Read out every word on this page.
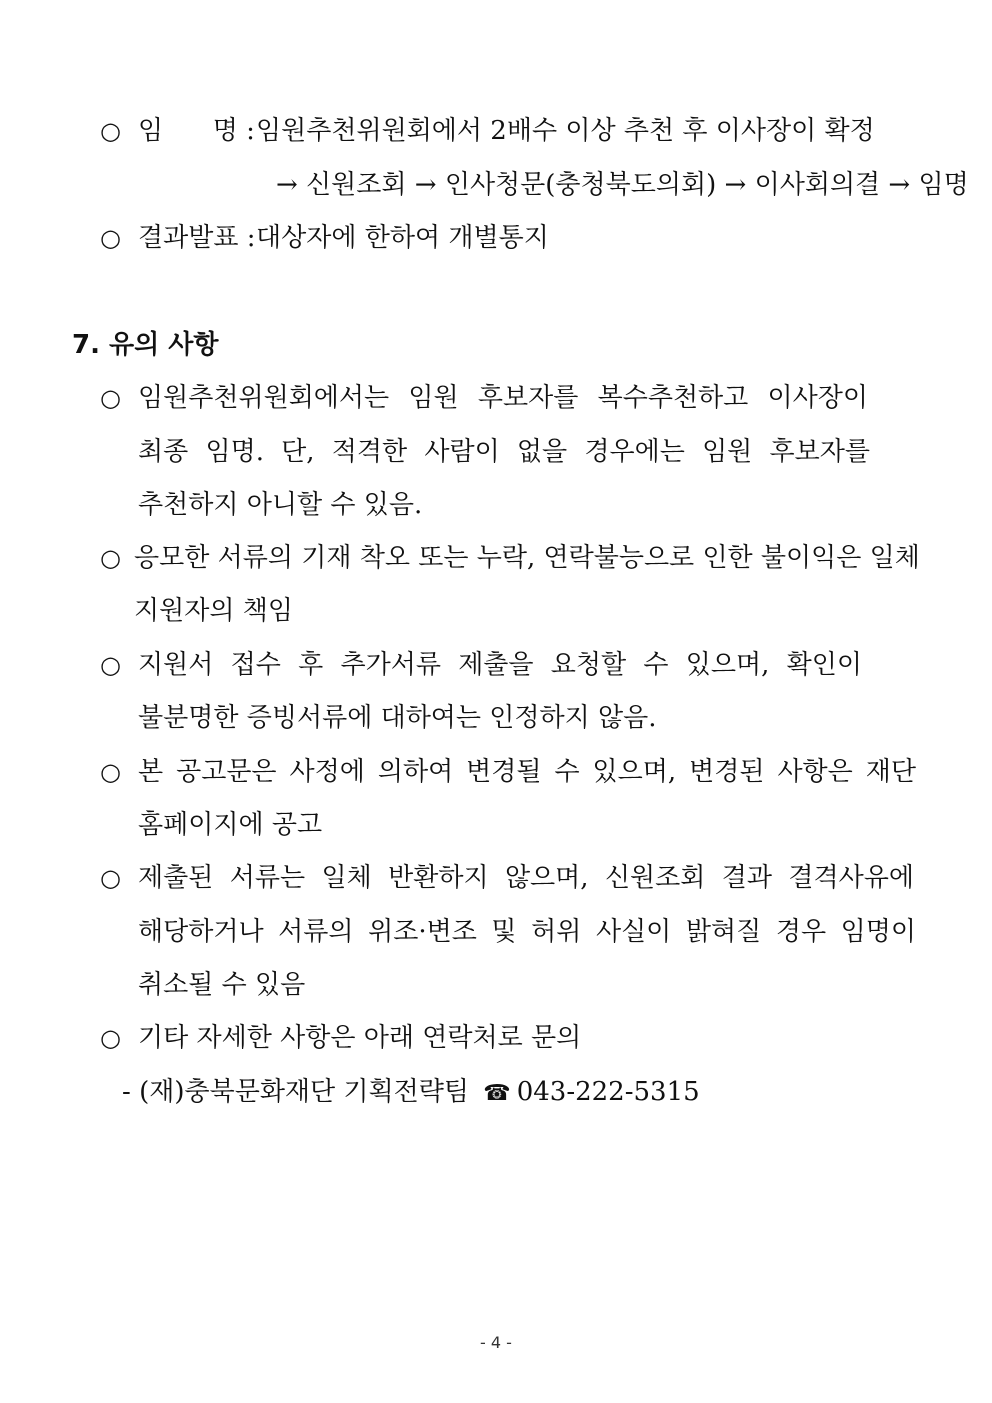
○ 임      명 :임원추천위원회에서 2배수 이상 추천 후 이사장이 확정
→ 신원조회 → 인사청문(충청북도의회) → 이사회의결 → 임명
○ 결과발표 :대상자에 한하여 개별통지
7. 유의 사항
○ 임원추천위원회에서는 임원 후보자를 복수추천하고 이사장이
최종 임명. 단, 적격한 사람이 없을 경우에는 임원 후보자를
추천하지 아니할 수 있음.
○ 응모한 서류의 기재 착오 또는 누락, 연락불능으로 인한 불이익은 일체
지원자의 책임
○ 지원서 접수 후 추가서류 제출을 요청할 수 있으며, 확인이
불분명한 증빙서류에 대하여는 인정하지 않음.
○ 본 공고문은 사정에 의하여 변경될 수 있으며, 변경된 사항은 재단
홈페이지에 공고
○ 제출된 서류는 일체 반환하지 않으며, 신원조회 결과 결격사유에
해당하거나 서류의 위조·변조 및 허위 사실이 밝혀질 경우 임명이
취소될 수 있음
○ 기타 자세한 사항은 아래 연락처로 문의
- (재)충북문화재단 기획전략팀 ☎ 043-222-5315
- 4 -
